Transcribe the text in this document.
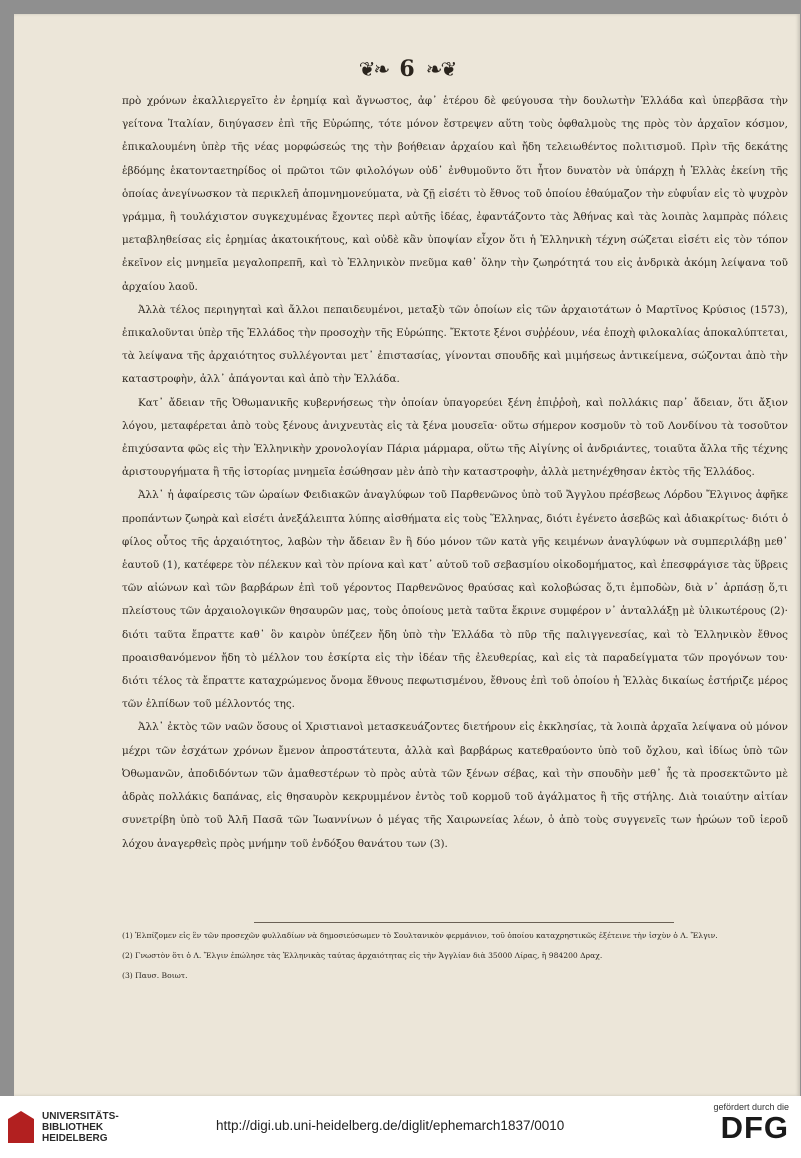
❦❧ 6 ❧❦

πρὸ χρόνων ἐκαλλιεργεῖτο ἐν ἐρημίᾳ καὶ ἄγνωστος, ἀφ᾽ ἑτέρου δὲ φεύγουσα τὴν δουλωτὴν Ἑλλάδα καὶ ὑπερβᾶσα τὴν γείτονα Ἰταλίαν, διηύγασεν ἐπὶ τῆς Εὐρώπης, τότε μόνον ἔστρεψεν αὕτη τοὺς ὀφθαλμοὺς της πρὸς τὸν ἀρχαῖον κόσμον, ἐπικαλουμένη ὑπὲρ τῆς νέας μορφώσεώς της τὴν βοήθειαν ἀρχαίου καὶ ἤδη τελειωθέντος πολιτισμοῦ. Πρὶν τῆς δεκάτης ἑβδόμης ἑκατονταετηρίδος οἱ πρῶτοι τῶν φιλολόγων οὐδ᾽ ἐνθυμοῦντο ὅτι ἦτον δυνατὸν νὰ ὑπάρχῃ ἡ Ἑλλὰς ἐκείνη τῆς ὁποίας ἀνεγίνωσκον τὰ περικλεῆ ἀπομνημονεύματα, νὰ ζῇ εἰσέτι τὸ ἔθνος τοῦ ὁποίου ἐθαύμαζον τὴν εὐφυΐαν εἰς τὸ ψυχρὸν γράμμα, ἢ τουλάχιστον συγκεχυμένας ἔχοντες περὶ αὐτῆς ἰδέας, ἐφαντάζοντο τὰς Ἀθήνας καὶ τὰς λοιπὰς λαμπρὰς πόλεις μεταβληθείσας εἰς ἐρημίας ἀκατοικήτους, καὶ οὐδὲ κἂν ὑποψίαν εἶχον ὅτι ἡ Ἑλληνικὴ τέχνη σώζεται εἰσέτι εἰς τὸν τόπον ἐκεῖνον εἰς μνημεῖα μεγαλοπρεπῆ, καὶ τὸ Ἑλληνικὸν πνεῦμα καθ᾽ ὅλην τὴν ζωηρότητά του εἰς ἀνδρικὰ ἀκόμη λείψανα τοῦ ἀρχαίου λαοῦ.

Ἀλλὰ τέλος περιηγηταὶ καὶ ἄλλοι πεπαιδευμένοι, μεταξὺ τῶν ὁποίων εἰς τῶν ἀρχαιοτάτων ὁ Μαρτῖνος Κρύσιος (1573), ἐπικαλοῦνται ὑπὲρ τῆς Ἑλλάδος τὴν προσοχὴν τῆς Εὐρώπης. Ἔκτοτε ξένοι συῤῥέουν, νέα ἐποχὴ φιλοκαλίας ἀποκαλύπτεται, τὰ λείψανα τῆς ἀρχαιότητος συλλέγονται μετ᾽ ἐπιστασίας, γίνονται σπουδῆς καὶ μιμήσεως ἀντικείμενα, σώζονται ἀπὸ τὴν καταστροφὴν, ἀλλ᾽ ἀπάγονται καὶ ἀπὸ τὴν Ἑλλάδα.

Κατ᾽ ἄδειαν τῆς Ὀθωμανικῆς κυβερνήσεως τὴν ὁποίαν ὑπαγορεύει ξένη ἐπιῤῥοὴ, καὶ πολλάκις παρ᾽ ἄδειαν, ὅτι ἄξιον λόγου, μεταφέρεται ἀπὸ τοὺς ξένους ἀνιχνευτὰς εἰς τὰ ξένα μουσεῖα· οὕτω σήμερον κοσμοῦν τὸ τοῦ Λονδίνου τὰ τοσοῦτον ἐπιχύσαντα φῶς εἰς τὴν Ἑλληνικὴν χρονολογίαν Πάρια μάρμαρα, οὕτω τῆς Αἰγίνης οἱ ἀνδριάντες, τοιαῦτα ἄλλα τῆς τέχνης ἀριστουργήματα ἢ τῆς ἱστορίας μνημεῖα ἐσώθησαν μὲν ἀπὸ τὴν καταστροφὴν, ἀλλὰ μετηνέχθησαν ἐκτὸς τῆς Ἑλλάδος.

Ἀλλ᾽ ἡ ἀφαίρεσις τῶν ὡραίων Φειδιακῶν ἀναγλύφων τοῦ Παρθενῶνος ὑπὸ τοῦ Ἄγγλου πρέσβεως Λόρδου Ἔλγινος ἀφῆκε προπάντων ζωηρὰ καὶ εἰσέτι ἀνεξάλειπτα λύπης αἰσθήματα εἰς τοὺς Ἕλληνας, διότι ἐγένετο ἀσεβῶς καὶ ἀδιακρίτως· διότι ὁ φίλος οὗτος τῆς ἀρχαιότητος, λαβὼν τὴν ἄδειαν ἓν ἢ δύο μόνον τῶν κατὰ γῆς κειμένων ἀναγλύφων νὰ συμπεριλάβῃ μεθ᾽ ἑαυτοῦ (1), κατέφερε τὸν πέλεκυν καὶ τὸν πρίονα καὶ κατ᾽ αὐτοῦ τοῦ σεβασμίου οἰκοδομήματος, καὶ ἐπεσφράγισε τὰς ὕβρεις τῶν αἰώνων καὶ τῶν βαρβάρων ἐπὶ τοῦ γέροντος Παρθενῶνος θραύσας καὶ κολοβώσας ὅ,τι ἐμποδὼν, διὰ ν᾽ ἁρπάσῃ ὅ,τι πλείστους τῶν ἀρχαιολογικῶν θησαυρῶν μας, τοὺς ὁποίους μετὰ ταῦτα ἔκρινε συμφέρον ν᾽ ἀνταλλάξῃ μὲ ὑλικωτέρους (2)· διότι ταῦτα ἔπραττε καθ᾽ ὃν καιρὸν ὑπέζεεν ἤδη ὑπὸ τὴν Ἑλλάδα τὸ πῦρ τῆς παλιγγενεσίας, καὶ τὸ Ἑλληνικὸν ἔθνος προαισθανόμενον ἤδη τὸ μέλλον του ἐσκίρτα εἰς τὴν ἰδέαν τῆς ἐλευθερίας, καὶ εἰς τὰ παραδείγματα τῶν προγόνων του· διότι τέλος τὰ ἔπραττε καταχρώμενος ὄνομα ἔθνους πεφωτισμένου, ἔθνους ἐπὶ τοῦ ὁποίου ἡ Ἑλλὰς δικαίως ἐστήριζε μέρος τῶν ἐλπίδων τοῦ μέλλοντός της.

Ἀλλ᾽ ἐκτὸς τῶν ναῶν ὅσους οἱ Χριστιανοὶ μετασκευάζοντες διετήρουν εἰς ἐκκλησίας, τὰ λοιπὰ ἀρχαῖα λείψανα οὐ μόνον μέχρι τῶν ἐσχάτων χρόνων ἔμενον ἀπροστάτευτα, ἀλλὰ καὶ βαρβάρως κατεθραύοντο ὑπὸ τοῦ ὄχλου, καὶ ἰδίως ὑπὸ τῶν Ὀθωμανῶν, ἀποδιδόντων τῶν ἀμαθεστέρων τὸ πρὸς αὐτὰ τῶν ξένων σέβας, καὶ τὴν σπουδὴν μεθ᾽ ἧς τὰ προσεκτῶντο μὲ ἁδρὰς πολλάκις δαπάνας, εἰς θησαυρὸν κεκρυμμένον ἐντὸς τοῦ κορμοῦ τοῦ ἀγάλματος ἢ τῆς στήλης. Διὰ τοιαύτην αἰτίαν συνετρίβη ὑπὸ τοῦ Ἀλῆ Πασᾶ τῶν Ἰωαννίνων ὁ μέγας τῆς Χαιρωνείας λέων, ὁ ἀπὸ τοὺς συγγενεῖς των ἡρώων τοῦ ἱεροῦ λόχου ἀναγερθεὶς πρὸς μνήμην τοῦ ἐνδόξου θανάτου των (3).

(1) Ἐλπίζομεν εἰς ἓν τῶν προσεχῶν φυλλαδίων νὰ δημοσιεύσωμεν τὸ Σουλτανικὸν φερμάνιον, τοῦ ὁποίου καταχρηστικῶς ἐξέτεινε τὴν ἰσχὺν ὁ Λ. Ἔλγιν.
(2) Γνωστὸν ὅτι ὁ Λ. Ἔλγιν ἐπώλησε τὰς Ἑλληνικὰς ταύτας ἀρχαιότητας εἰς τὴν Ἀγγλίαν διὰ 35000 Λίρας, ἢ 984200 Δραχ.
(3) Παυσ. Βοιωτ.
UNIVERSITÄTS-
BIBLIOTHEK
HEIDELBERG
http://digi.ub.uni-heidelberg.de/diglit/ephemarch1837/0010
gefördert durch die
DFG
